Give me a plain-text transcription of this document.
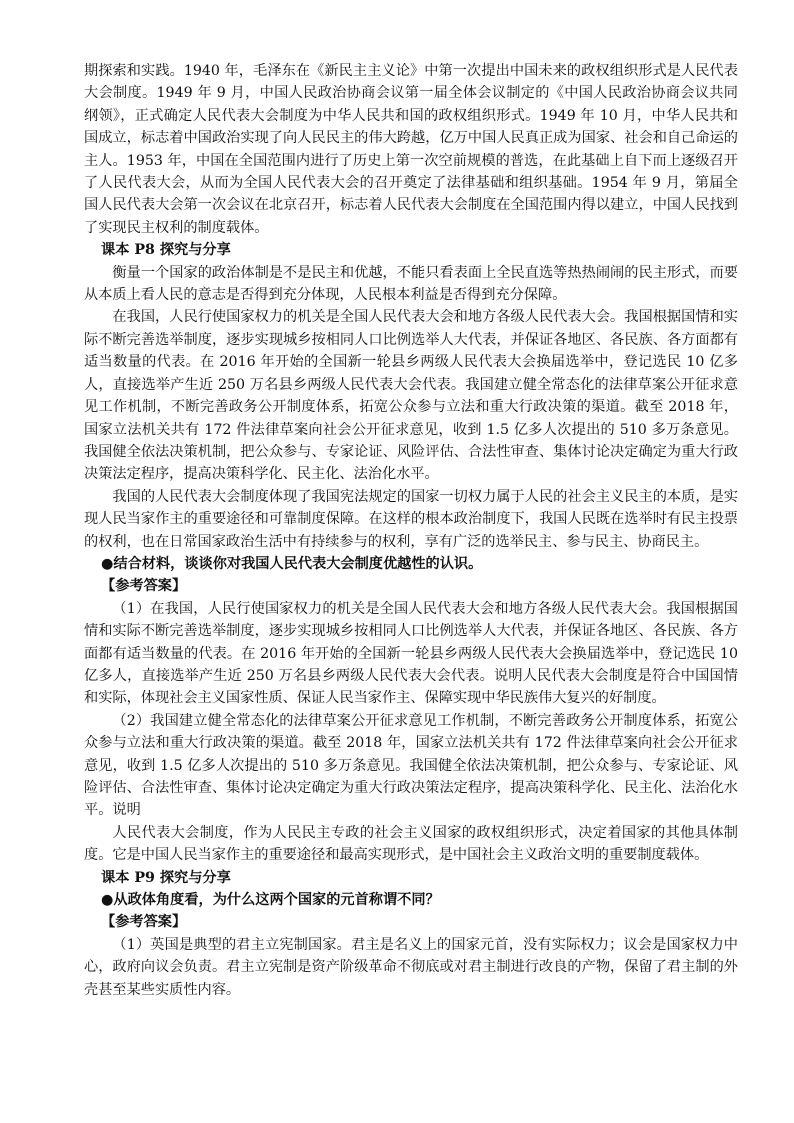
期探索和实践。1940 年，毛泽东在《新民主主义论》中第一次提出中国未来的政权组织形式是人民代表大会制度。1949 年 9 月，中国人民政治协商会议第一届全体会议制定的《中国人民政治协商会议共同纲领》，正式确定人民代表大会制度为中华人民共和国的政权组织形式。1949 年 10 月，中华人民共和国成立，标志着中国政治实现了向人民民主的伟大跨越，亿万中国人民真正成为国家、社会和自己命运的主人。1953 年，中国在全国范围内进行了历史上第一次空前规模的普选，在此基础上自下而上逐级召开了人民代表大会，从而为全国人民代表大会的召开奠定了法律基础和组织基础。1954 年 9 月，第届全国人民代表大会第一次会议在北京召开，标志着人民代表大会制度在全国范围内得以建立，中国人民找到了实现民主权利的制度载体。

课本 P8 探究与分享

衡量一个国家的政治体制是不是民主和优越，不能只看表面上全民直选等热热闹闹的民主形式，而要从本质上看人民的意志是否得到充分体现，人民根本利益是否得到充分保障。

在我国，人民行使国家权力的机关是全国人民代表大会和地方各级人民代表大会。我国根据国情和实际不断完善选举制度，逐步实现城乡按相同人口比例选举人大代表，并保证各地区、各民族、各方面都有适当数量的代表。在 2016 年开始的全国新一轮县乡两级人民代表大会换届选举中，登记选民 10 亿多人，直接选举产生近 250 万名县乡两级人民代表大会代表。我国建立健全常态化的法律草案公开征求意见工作机制，不断完善政务公开制度体系，拓宽公众参与立法和重大行政决策的渠道。截至 2018 年，国家立法机关共有 172 件法律草案向社会公开征求意见，收到 1.5 亿多人次提出的 510 多万条意见。我国健全依法决策机制，把公众参与、专家论证、风险评估、合法性审查、集体讨论决定确定为重大行政决策法定程序，提高决策科学化、民主化、法治化水平。

我国的人民代表大会制度体现了我国宪法规定的国家一切权力属于人民的社会主义民主的本质，是实现人民当家作主的重要途径和可靠制度保障。在这样的根本政治制度下，我国人民既在选举时有民主投票的权利，也在日常国家政治生活中有持续参与的权利，享有广泛的选举民主、参与民主、协商民主。

●结合材料，谈谈你对我国人民代表大会制度优越性的认识。

【参考答案】

（1）在我国，人民行使国家权力的机关是全国人民代表大会和地方各级人民代表大会。我国根据国情和实际不断完善选举制度，逐步实现城乡按相同人口比例选举人大代表，并保证各地区、各民族、各方面都有适当数量的代表。在 2016 年开始的全国新一轮县乡两级人民代表大会换届选举中，登记选民 10 亿多人，直接选举产生近 250 万名县乡两级人民代表大会代表。说明人民代表大会制度是符合中国国情和实际，体现社会主义国家性质、保证人民当家作主、保障实现中华民族伟大复兴的好制度。

（2）我国建立健全常态化的法律草案公开征求意见工作机制，不断完善政务公开制度体系，拓宽公众参与立法和重大行政决策的渠道。截至 2018 年，国家立法机关共有 172 件法律草案向社会公开征求意见，收到 1.5 亿多人次提出的 510 多万条意见。我国健全依法决策机制，把公众参与、专家论证、风险评估、合法性审查、集体讨论决定确定为重大行政决策法定程序，提高决策科学化、民主化、法治化水平。说明

人民代表大会制度，作为人民民主专政的社会主义国家的政权组织形式，决定着国家的其他具体制度。它是中国人民当家作主的重要途径和最高实现形式，是中国社会主义政治文明的重要制度载体。

课本 P9 探究与分享

●从政体角度看，为什么这两个国家的元首称谓不同？

【参考答案】

（1）英国是典型的君主立宪制国家。君主是名义上的国家元首，没有实际权力；议会是国家权力中心，政府向议会负责。君主立宪制是资产阶级革命不彻底或对君主制进行改良的产物，保留了君主制的外壳甚至某些实质性内容。
